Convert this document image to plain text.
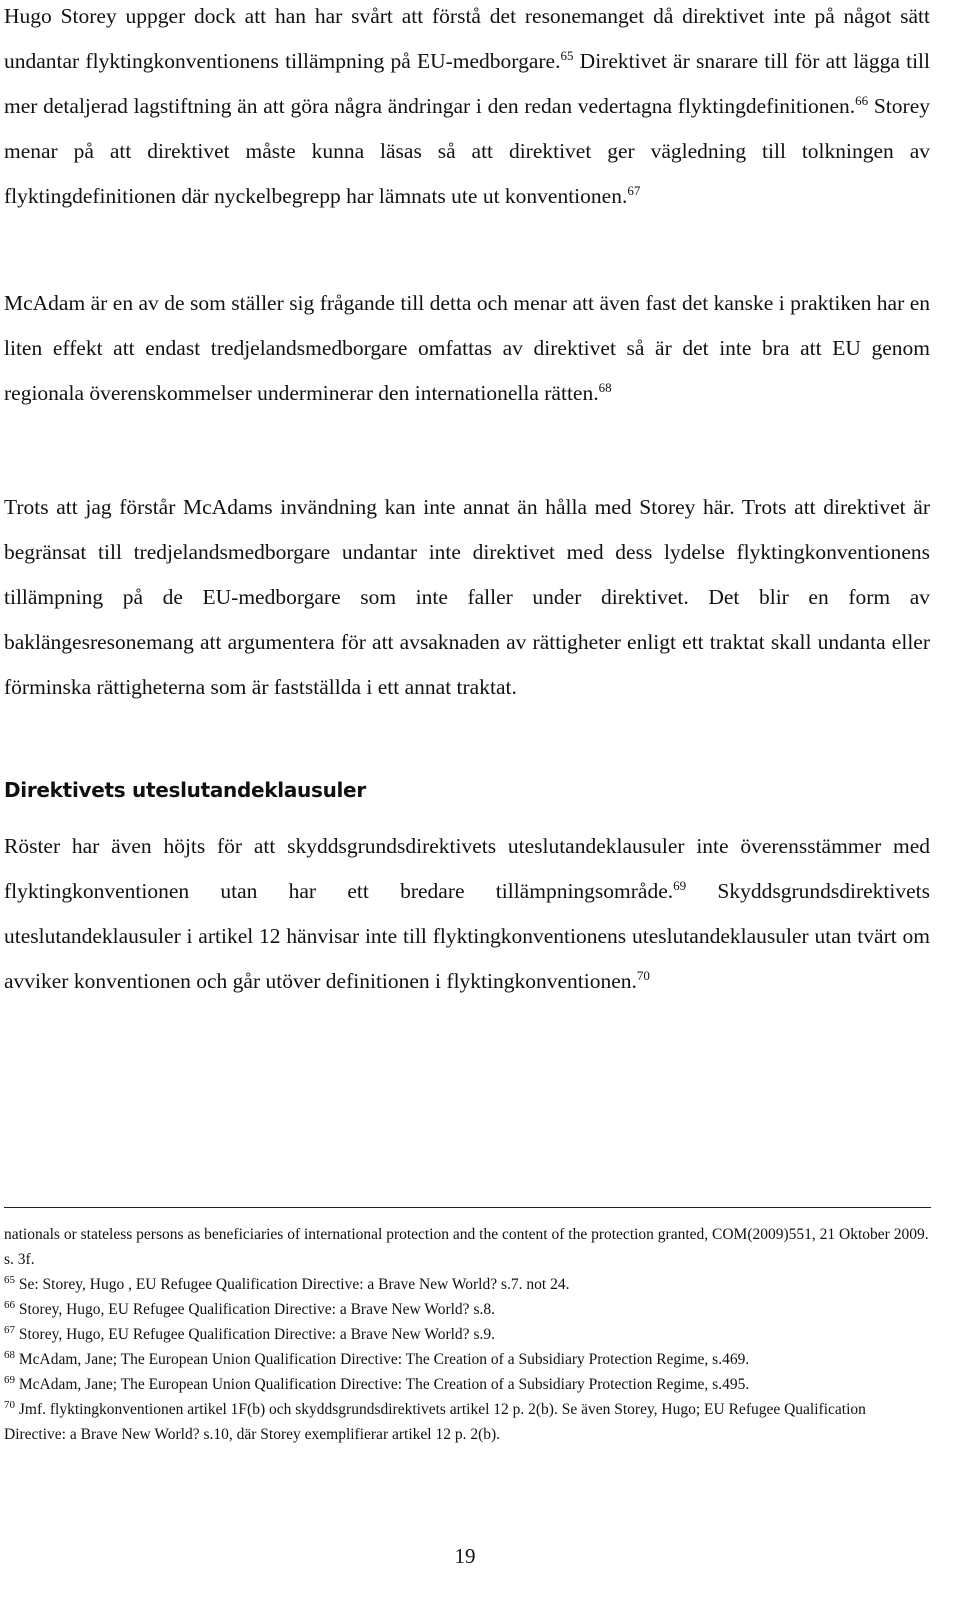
Hugo Storey uppger dock att han har svårt att förstå det resonemanget då direktivet inte på något sätt undantar flyktingkonventionens tillämpning på EU-medborgare.$^{65}$ Direktivet är snarare till för att lägga till mer detaljerad lagstiftning än att göra några ändringar i den redan vedertagna flyktingdefinitionen.$^{66}$ Storey menar på att direktivet måste kunna läsas så att direktivet ger vägledning till tolkningen av flyktingdefinitionen där nyckelbegrepp har lämnats ute ut konventionen.$^{67}$

McAdam är en av de som ställer sig frågande till detta och menar att även fast det kanske i praktiken har en liten effekt att endast tredjelandsmedborgare omfattas av direktivet så är det inte bra att EU genom regionala överenskommelser underminerar den internationella rätten.$^{68}$

Trots att jag förstår McAdams invändning kan inte annat än hålla med Storey här. Trots att direktivet är begränsat till tredjelandsmedborgare undantar inte direktivet med dess lydelse flyktingkonventionens tillämpning på de EU-medborgare som inte faller under direktivet. Det blir en form av baklängesresonemang att argumentera för att avsaknaden av rättigheter enligt ett traktat skall undanta eller förminska rättigheterna som är fastställda i ett annat traktat.

Direktivets uteslutandeklausuler

Röster har även höjts för att skyddsgrundsdirektivets uteslutandeklausuler inte överensstämmer med flyktingkonventionen utan har ett bredare tillämpningsområde.$^{69}$ Skyddsgrundsdirektivets uteslutandeklausuler i artikel 12 hänvisar inte till flyktingkonventionens uteslutandeklausuler utan tvärt om avviker konventionen och går utöver definitionen i flyktingkonventionen.$^{70}$

nationals or stateless persons as beneficiaries of international protection and the content of the protection granted, COM(2009)551, 21 Oktober 2009. s. 3f.

$^{65}$ Se: Storey, Hugo , EU Refugee Qualification Directive: a Brave New World? s.7. not 24.

$^{66}$ Storey, Hugo, EU Refugee Qualification Directive: a Brave New World? s.8.

$^{67}$ Storey, Hugo, EU Refugee Qualification Directive: a Brave New World? s.9.

$^{68}$ McAdam, Jane; The European Union Qualification Directive: The Creation of a Subsidiary Protection Regime, s.469.

$^{69}$ McAdam, Jane; The European Union Qualification Directive: The Creation of a Subsidiary Protection Regime, s.495.

$^{70}$ Jmf. flyktingkonventionen artikel 1F(b) och skyddsgrundsdirektivets artikel 12 p. 2(b). Se även Storey, Hugo; EU Refugee Qualification Directive: a Brave New World? s.10, där Storey exemplifierar artikel 12 p. 2(b).

19
